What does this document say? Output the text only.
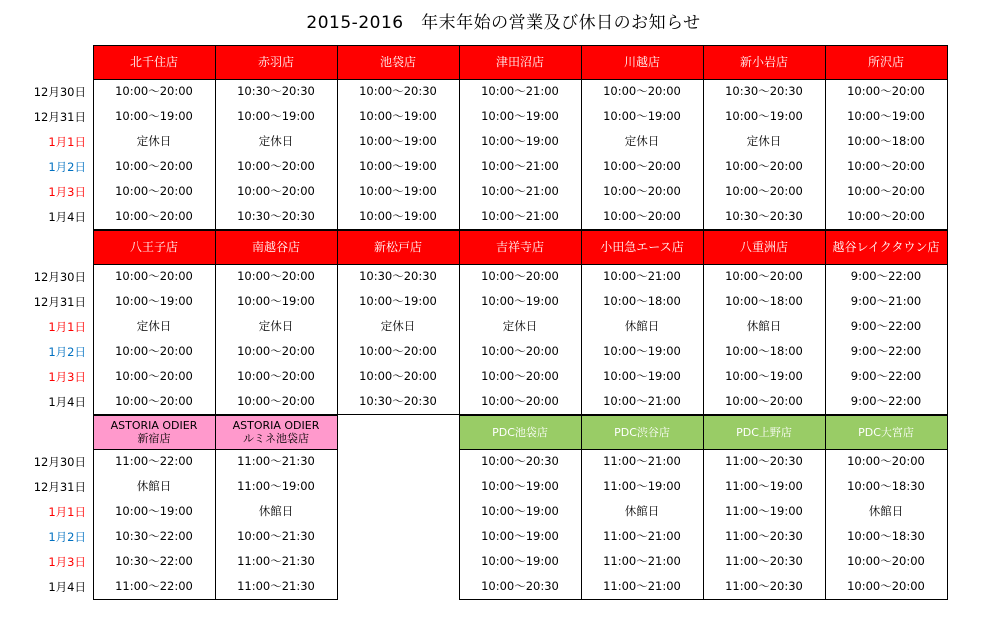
2015-2016　年末年始の営業及び休日のお知らせ
12月30日
12月31日
1月1日
1月2日
1月3日
1月4日
12月30日
12月31日
1月1日
1月2日
1月3日
1月4日
12月30日
12月31日
1月1日
1月2日
1月3日
1月4日
北千住店
10:00〜20:00
10:00〜19:00
定休日
10:00〜20:00
10:00〜20:00
10:00〜20:00
赤羽店
10:30〜20:30
10:00〜19:00
定休日
10:00〜20:00
10:00〜20:00
10:30〜20:30
池袋店
10:00〜20:30
10:00〜19:00
10:00〜19:00
10:00〜19:00
10:00〜19:00
10:00〜19:00
津田沼店
10:00〜21:00
10:00〜19:00
10:00〜19:00
10:00〜21:00
10:00〜21:00
10:00〜21:00
川越店
10:00〜20:00
10:00〜19:00
定休日
10:00〜20:00
10:00〜20:00
10:00〜20:00
新小岩店
10:30〜20:30
10:00〜19:00
定休日
10:00〜20:00
10:00〜20:00
10:30〜20:30
所沢店
10:00〜20:00
10:00〜19:00
10:00〜18:00
10:00〜20:00
10:00〜20:00
10:00〜20:00
八王子店
10:00〜20:00
10:00〜19:00
定休日
10:00〜20:00
10:00〜20:00
10:00〜20:00
南越谷店
10:00〜20:00
10:00〜19:00
定休日
10:00〜20:00
10:00〜20:00
10:00〜20:00
新松戸店
10:30〜20:30
10:00〜19:00
定休日
10:00〜20:00
10:00〜20:00
10:30〜20:30
吉祥寺店
10:00〜20:00
10:00〜19:00
定休日
10:00〜20:00
10:00〜20:00
10:00〜20:00
小田急エース店
10:00〜21:00
10:00〜18:00
休館日
10:00〜19:00
10:00〜19:00
10:00〜21:00
八重洲店
10:00〜20:00
10:00〜18:00
休館日
10:00〜18:00
10:00〜19:00
10:00〜20:00
越谷レイクタウン店
9:00〜22:00
9:00〜21:00
9:00〜22:00
9:00〜22:00
9:00〜22:00
9:00〜22:00
ASTORIA ODIER
新宿店
11:00〜22:00
休館日
10:00〜19:00
10:30〜22:00
10:30〜22:00
11:00〜22:00
ASTORIA ODIER
ルミネ池袋店
11:00〜21:30
11:00〜19:00
休館日
10:00〜21:30
11:00〜21:30
11:00〜21:30
PDC池袋店
10:00〜20:30
10:00〜19:00
10:00〜19:00
10:00〜19:00
10:00〜19:00
10:00〜20:30
PDC渋谷店
11:00〜21:00
11:00〜19:00
休館日
11:00〜21:00
11:00〜21:00
11:00〜21:00
PDC上野店
11:00〜20:30
11:00〜19:00
11:00〜19:00
11:00〜20:30
11:00〜20:30
11:00〜20:30
PDC大宮店
10:00〜20:00
10:00〜18:30
休館日
10:00〜18:30
10:00〜20:00
10:00〜20:00
